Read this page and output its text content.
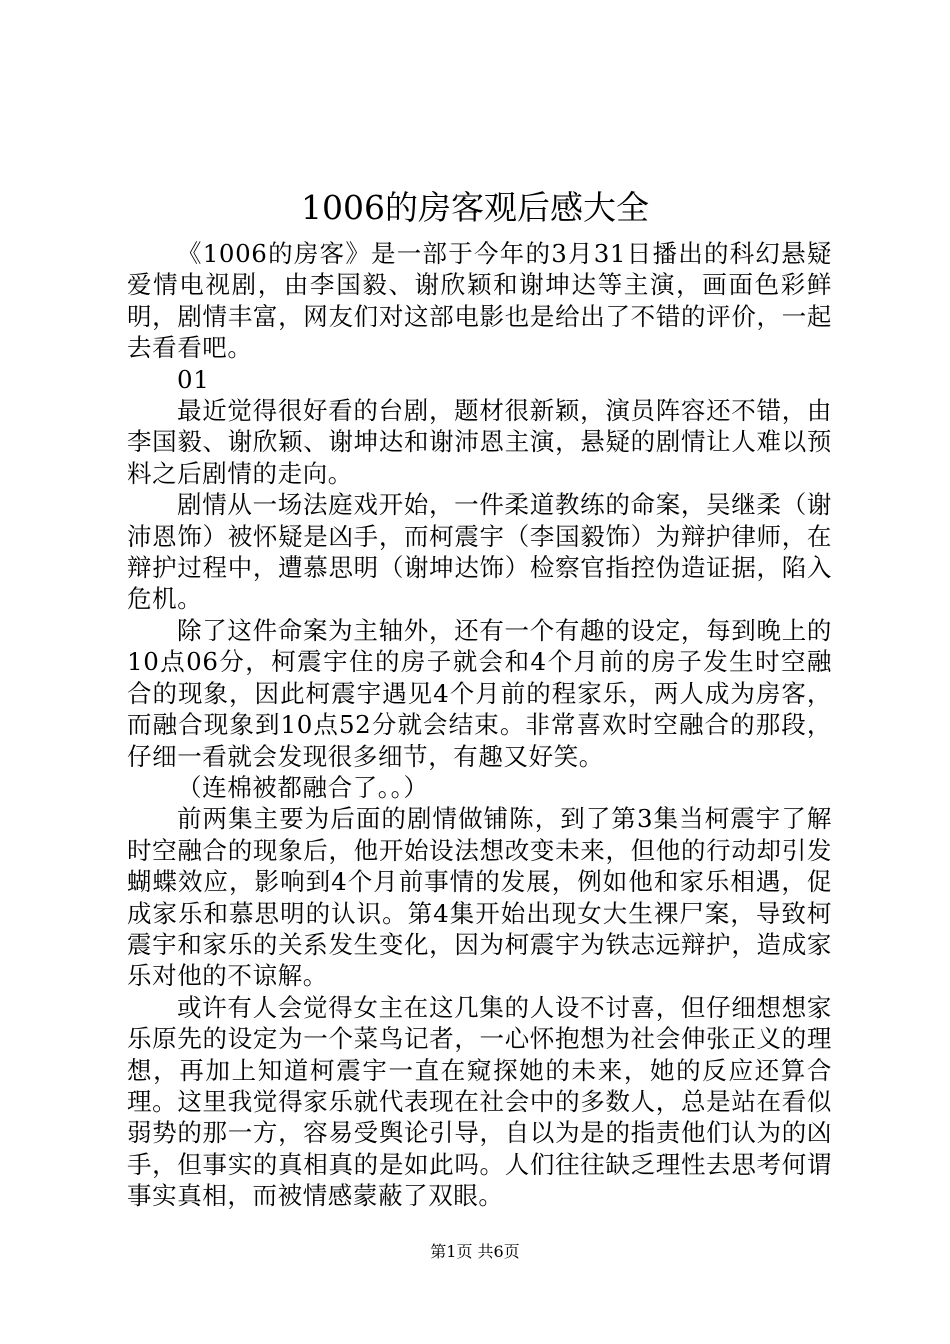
1006的房客观后感大全

《1006的房客》是一部于今年的3月31日播出的科幻悬疑爱情电视剧，由李国毅、谢欣颖和谢坤达等主演，画面色彩鲜明，剧情丰富，网友们对这部电影也是给出了不错的评价，一起去看看吧。

01

最近觉得很好看的台剧，题材很新颖，演员阵容还不错，由李国毅、谢欣颖、谢坤达和谢沛恩主演，悬疑的剧情让人难以预料之后剧情的走向。

剧情从一场法庭戏开始，一件柔道教练的命案，吴继柔（谢沛恩饰）被怀疑是凶手，而柯震宇（李国毅饰）为辩护律师，在辩护过程中，遭慕思明（谢坤达饰）检察官指控伪造证据，陷入危机。

除了这件命案为主轴外，还有一个有趣的设定，每到晚上的10点06分，柯震宇住的房子就会和4个月前的房子发生时空融合的现象，因此柯震宇遇见4个月前的程家乐，两人成为房客，而融合现象到10点52分就会结束。非常喜欢时空融合的那段，仔细一看就会发现很多细节，有趣又好笑。

（连棉被都融合了。。）

前两集主要为后面的剧情做铺陈，到了第3集当柯震宇了解时空融合的现象后，他开始设法想改变未来，但他的行动却引发蝴蝶效应，影响到4个月前事情的发展，例如他和家乐相遇，促成家乐和慕思明的认识。第4集开始出现女大生裸尸案，导致柯震宇和家乐的关系发生变化，因为柯震宇为铁志远辩护，造成家乐对他的不谅解。

或许有人会觉得女主在这几集的人设不讨喜，但仔细想想家乐原先的设定为一个菜鸟记者，一心怀抱想为社会伸张正义的理想，再加上知道柯震宇一直在窥探她的未来，她的反应还算合理。这里我觉得家乐就代表现在社会中的多数人，总是站在看似弱势的那一方，容易受舆论引导，自以为是的指责他们认为的凶手，但事实的真相真的是如此吗。人们往往缺乏理性去思考何谓事实真相，而被情感蒙蔽了双眼。

第1页 共6页
